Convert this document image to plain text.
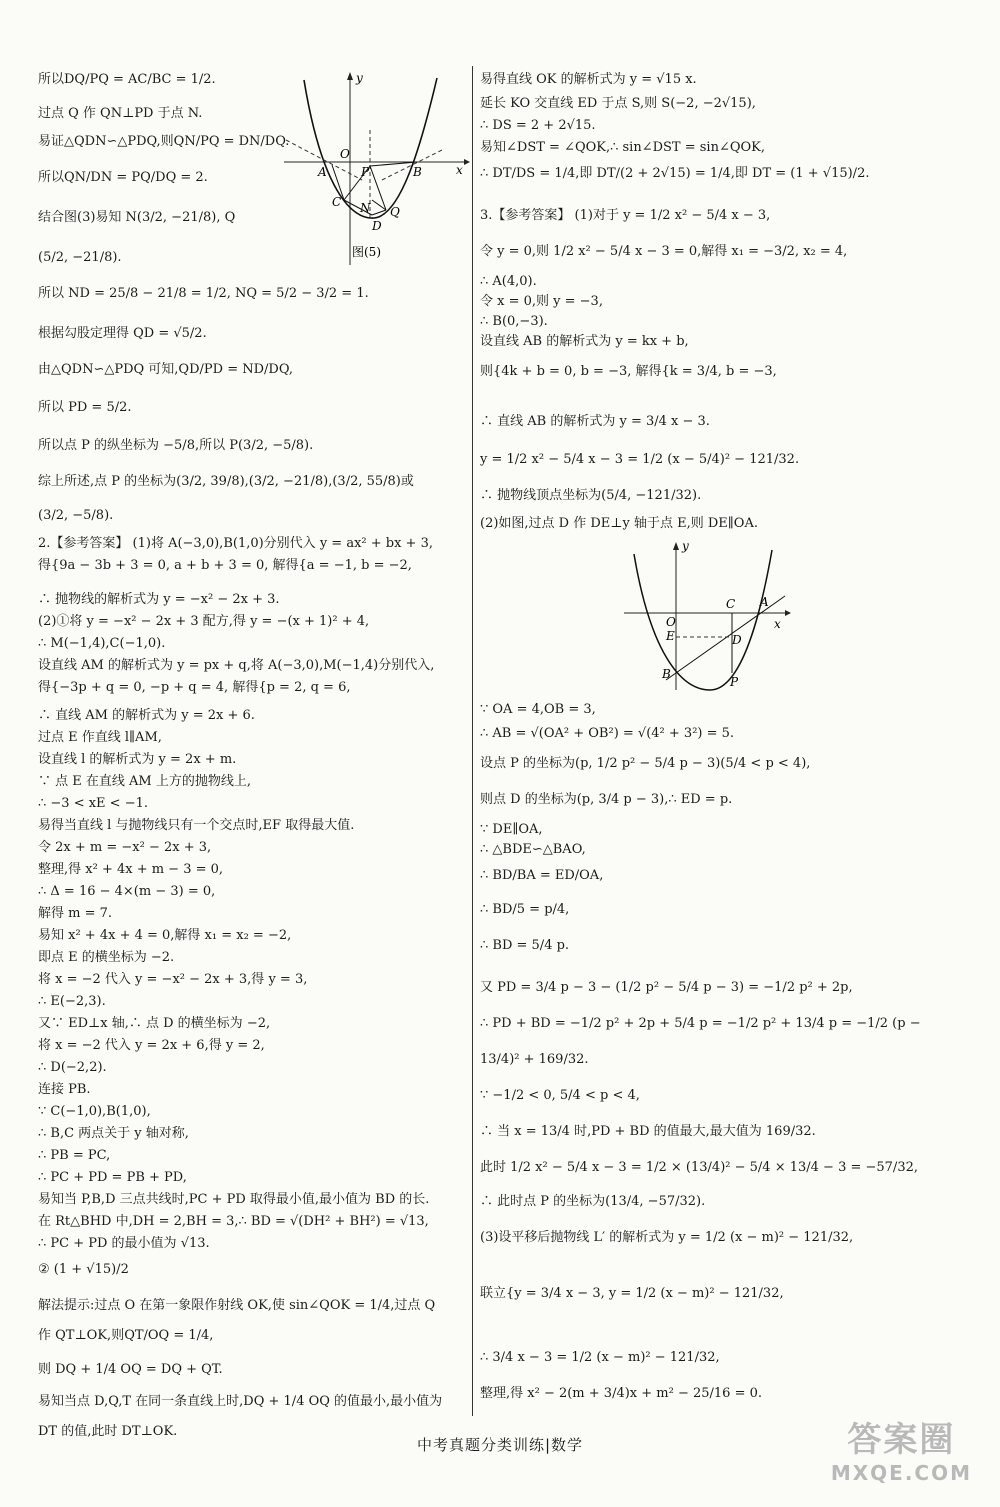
所以DQ/PQ = AC/BC = 1/2.
过点 Q 作 QN⊥PD 于点 N.
易证△QDN∽△PDQ,则QN/PQ = DN/DQ.
所以QN/DN = PQ/DQ = 2.
结合图(3)易知 N(3/2, −21/8), Q
(5/2, −21/8).
所以 ND = 25/8 − 21/8 = 1/2, NQ = 5/2 − 3/2 = 1.
根据勾股定理得 QD = √5/2.
由△QDN∽△PDQ 可知,QD/PD = ND/DQ,
所以 PD = 5/2.
所以点 P 的纵坐标为 −5/8,所以 P(3/2, −5/8).
综上所述,点 P 的坐标为(3/2, 39/8),(3/2, −21/8),(3/2, 55/8)或
(3/2, −5/8).
2.【参考答案】 (1)将 A(−3,0),B(1,0)分别代入 y = ax² + bx + 3,
得{9a − 3b + 3 = 0, a + b + 3 = 0, 解得{a = −1, b = −2,
∴ 抛物线的解析式为 y = −x² − 2x + 3.
(2)①将 y = −x² − 2x + 3 配方,得 y = −(x + 1)² + 4,
∴ M(−1,4),C(−1,0).
设直线 AM 的解析式为 y = px + q,将 A(−3,0),M(−1,4)分别代入,
得{−3p + q = 0, −p + q = 4, 解得{p = 2, q = 6,
∴ 直线 AM 的解析式为 y = 2x + 6.
过点 E 作直线 l∥AM,
设直线 l 的解析式为 y = 2x + m.
∵ 点 E 在直线 AM 上方的抛物线上,
∴ −3 < xE < −1.
易得当直线 l 与抛物线只有一个交点时,EF 取得最大值.
令 2x + m = −x² − 2x + 3,
整理,得 x² + 4x + m − 3 = 0,
∴ Δ = 16 − 4×(m − 3) = 0,
解得 m = 7.
易知 x² + 4x + 4 = 0,解得 x₁ = x₂ = −2,
即点 E 的横坐标为 −2.
将 x = −2 代入 y = −x² − 2x + 3,得 y = 3,
∴ E(−2,3).
又∵ ED⊥x 轴,∴ 点 D 的横坐标为 −2,
将 x = −2 代入 y = 2x + 6,得 y = 2,
∴ D(−2,2).
连接 PB.
∵ C(−1,0),B(1,0),
∴ B,C 两点关于 y 轴对称,
∴ PB = PC,
∴ PC + PD = PB + PD,
易知当 P,B,D 三点共线时,PC + PD 取得最小值,最小值为 BD 的长.
在 Rt△BHD 中,DH = 2,BH = 3,∴ BD = √(DH² + BH²) = √13,
∴ PC + PD 的最小值为 √13.
② (1 + √15)/2
解法提示:过点 O 在第一象限作射线 OK,使 sin∠QOK = 1/4,过点 Q
作 QT⊥OK,则QT/OQ = 1/4,
则 DQ + 1/4 OQ = DQ + QT.
易知当点 D,Q,T 在同一条直线上时,DQ + 1/4 OQ 的值最小,最小值为
DT 的值,此时 DT⊥OK.
y
x
O
A	P	B
C N Q
D
图(5)
易得直线 OK 的解析式为 y = √15 x.
延长 KO 交直线 ED 于点 S,则 S(−2, −2√15),
∴ DS = 2 + 2√15.
易知∠DST = ∠QOK,∴ sin∠DST = sin∠QOK,
∴ DT/DS = 1/4,即 DT/(2 + 2√15) = 1/4,即 DT = (1 + √15)/2.
3.【参考答案】 (1)对于 y = 1/2 x² − 5/4 x − 3,
令 y = 0,则 1/2 x² − 5/4 x − 3 = 0,解得 x₁ = −3/2, x₂ = 4,
∴ A(4,0).
令 x = 0,则 y = −3,
∴ B(0,−3).
设直线 AB 的解析式为 y = kx + b,
则{4k + b = 0, b = −3, 解得{k = 3/4, b = −3,
∴ 直线 AB 的解析式为 y = 3/4 x − 3.
y = 1/2 x² − 5/4 x − 3 = 1/2 (x − 5/4)² − 121/32.
∴ 抛物线顶点坐标为(5/4, −121/32).
(2)如图,过点 D 作 DE⊥y 轴于点 E,则 DE∥OA.
∵ OA = 4,OB = 3,
∴ AB = √(OA² + OB²) = √(4² + 3²) = 5.
设点 P 的坐标为(p, 1/2 p² − 5/4 p − 3)(5/4 < p < 4),
则点 D 的坐标为(p, 3/4 p − 3),∴ ED = p.
∵ DE∥OA,
∴ △BDE∽△BAO,
∴ BD/BA = ED/OA,
∴ BD/5 = p/4,
∴ BD = 5/4 p.
又 PD = 3/4 p − 3 − (1/2 p² − 5/4 p − 3) = −1/2 p² + 2p,
∴ PD + BD = −1/2 p² + 2p + 5/4 p = −1/2 p² + 13/4 p = −1/2 (p −
13/4)² + 169/32.
∵ −1/2 < 0, 5/4 < p < 4,
∴ 当 x = 13/4 时,PD + BD 的值最大,最大值为 169/32.
此时 1/2 x² − 5/4 x − 3 = 1/2 × (13/4)² − 5/4 × 13/4 − 3 = −57/32,
∴ 此时点 P 的坐标为(13/4, −57/32).
(3)设平移后抛物线 L′ 的解析式为 y = 1/2 (x − m)² − 121/32,
联立{y = 3/4 x − 3, y = 1/2 (x − m)² − 121/32,
∴ 3/4 x − 3 = 1/2 (x − m)² − 121/32,
整理,得 x² − 2(m + 3/4)x + m² − 25/16 = 0.
y
x
O
C A
E	D
B
P
中考真题分类训练|数学	答案圈
MXQE.COM
